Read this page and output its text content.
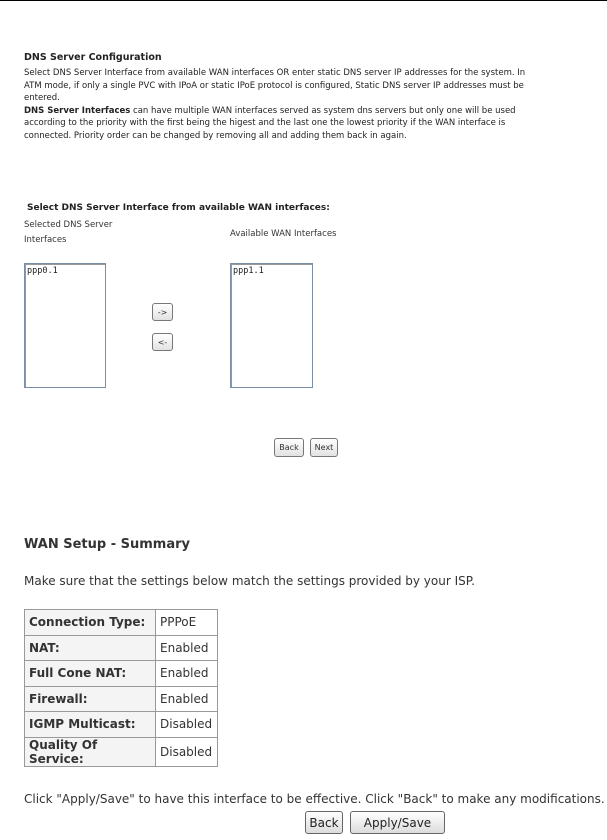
DNS Server Configuration
Select DNS Server Interface from available WAN interfaces OR enter static DNS server IP addresses for the system. In
ATM mode, if only a single PVC with IPoA or static IPoE protocol is configured, Static DNS server IP addresses must be
entered.
DNS Server Interfaces can have multiple WAN interfaces served as system dns servers but only one will be used
according to the priority with the first being the higest and the last one the lowest priority if the WAN interface is
connected. Priority order can be changed by removing all and adding them back in again.
Select DNS Server Interface from available WAN interfaces:
Selected DNS Server
Interfaces
Available WAN Interfaces
ppp0.1	ppp1.1
->
<-
Back	Next
WAN Setup - Summary
Make sure that the settings below match the settings provided by your ISP.
Connection Type:	PPPoE
NAT:	Enabled
Full Cone NAT:	Enabled
Firewall:	Enabled
IGMP Multicast:	Disabled
Quality Of Service:	Disabled
Click "Apply/Save" to have this interface to be effective. Click "Back" to make any modifications.
Back	Apply/Save
